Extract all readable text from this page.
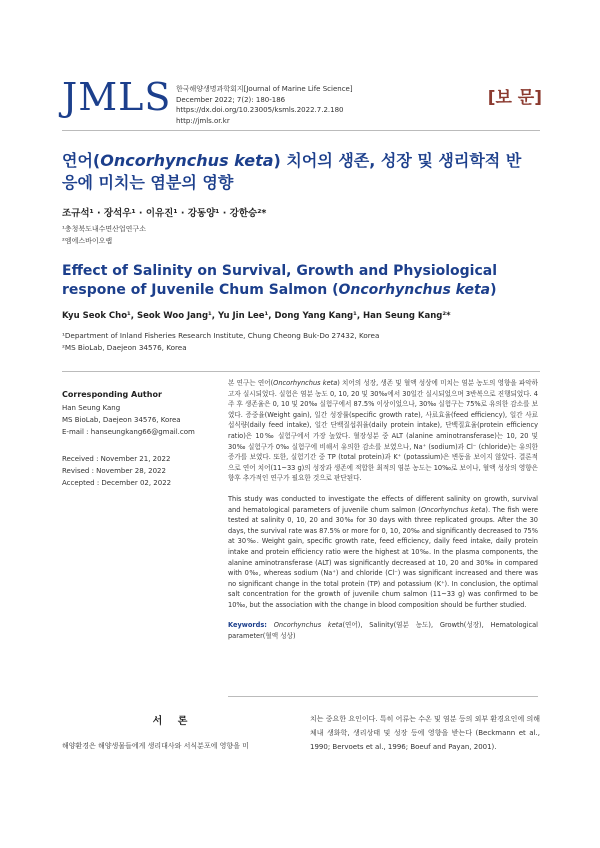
JMLS 한국해양생명과학회지[Journal of Marine Life Science]
December 2022; 7(2): 180-186
https://dx.doi.org/10.23005/ksmls.2022.7.2.180
http://jmls.or.kr
[보 문]
연어(Oncorhynchus keta) 치어의 생존, 성장 및 생리학적 반응에 미치는 염분의 영향
조규석¹ · 장석우¹ · 이유진¹ · 강동양¹ · 강한승²*
¹충청북도내수면산업연구소
²엠에스바이오랩
Effect of Salinity on Survival, Growth and Physiological respone of Juvenile Chum Salmon (Oncorhynchus keta)
Kyu Seok Cho¹, Seok Woo Jang¹, Yu Jin Lee¹, Dong Yang Kang¹, Han Seung Kang²*
¹Department of Inland Fisheries Research Institute, Chung Cheong Buk-Do 27432, Korea
²MS BioLab, Daejeon 34576, Korea
Corresponding Author
Han Seung Kang
MS BioLab, Daejeon 34576, Korea
E-mail : hanseungkang66@gmail.com
Received : November 21, 2022
Revised : November 28, 2022
Accepted : December 02, 2022

본 연구는 연어(Oncorhynchus keta) 치어의 성장, 생존 및 혈액 성상에 미치는 염분 농도의 영향을 파악하고자 실시되었다. 실험은 염분 농도 0, 10, 20 및 30‰에서 30일간 실시되었으며 3반복으로 진행되었다. 4주 후 생존율은 0, 10 및 20‰ 실험구에서 87.5% 이상이었으나, 30‰ 실험구는 75%로 유의한 감소를 보였다. 증중율(Weight gain), 일간 성장률(specific growth rate), 사료효율(feed efficiency), 일간 사료섭식량(daily feed intake), 일간 단백질섭취율(daily protein intake), 단백질효율(protein efficiency ratio)은 10‰ 실험구에서 가장 높았다. 혈장성분 중 ALT (alanine aminotransferase)는 10, 20 및 30‰ 실험구가 0‰ 실험구에 비해서 유의한 감소를 보였으나, Na⁺ (sodium)과 Cl⁻ (chloride)는 유의한 증가를 보였다. 또한, 실험기간 중 TP (total protein)과 K⁺ (potassium)은 변동을 보이지 않았다. 결론적으로 연어 치어(11~33 g)의 성장과 생존에 적합한 최적의 염분 농도는 10‰로 보이나, 혈액 성상의 영향은 향후 추가적인 연구가 필요한 것으로 판단된다.

This study was conducted to investigate the effects of different salinity on growth, survival and hematological parameters of juvenile chum salmon (Oncorhynchus keta). The fish were tested at salinity 0, 10, 20 and 30‰ for 30 days with three replicated groups. After the 30 days, the survival rate was 87.5% or more for 0, 10, 20‰ and significantly decreased to 75% at 30‰. Weight gain, specific growth rate, feed efficiency, daily feed intake, daily protein intake and protein efficiency ratio were the highest at 10‰. In the plasma components, the alanine aminotransferase (ALT) was significantly decreased at 10, 20 and 30‰ in compared with 0‰, whereas sodium (Na⁺) and chloride (Cl⁻) was significant increased and there was no significant change in the total protein (TP) and potassium (K⁺). In conclusion, the optimal salt concentration for the growth of juvenile chum salmon (11~33 g) was confirmed to be 10‰, but the association with the change in blood composition should be further studied.

Keywords: Oncorhynchus keta(연어), Salinity(염분 농도), Growth(성장), Hematological parameter(혈액 성상)

서 론
해양환경은 해양생물들에게 생리대사와 서식분포에 영향을 미
치는 중요한 요인이다. 특히 어류는 수온 및 염분 등의 외부 환경요인에 의해 체내 생화학, 생리상태 및 성장 등에 영향을 받는다 (Beckmann et al., 1990; Bervoets et al., 1996; Boeuf and Payan, 2001).
